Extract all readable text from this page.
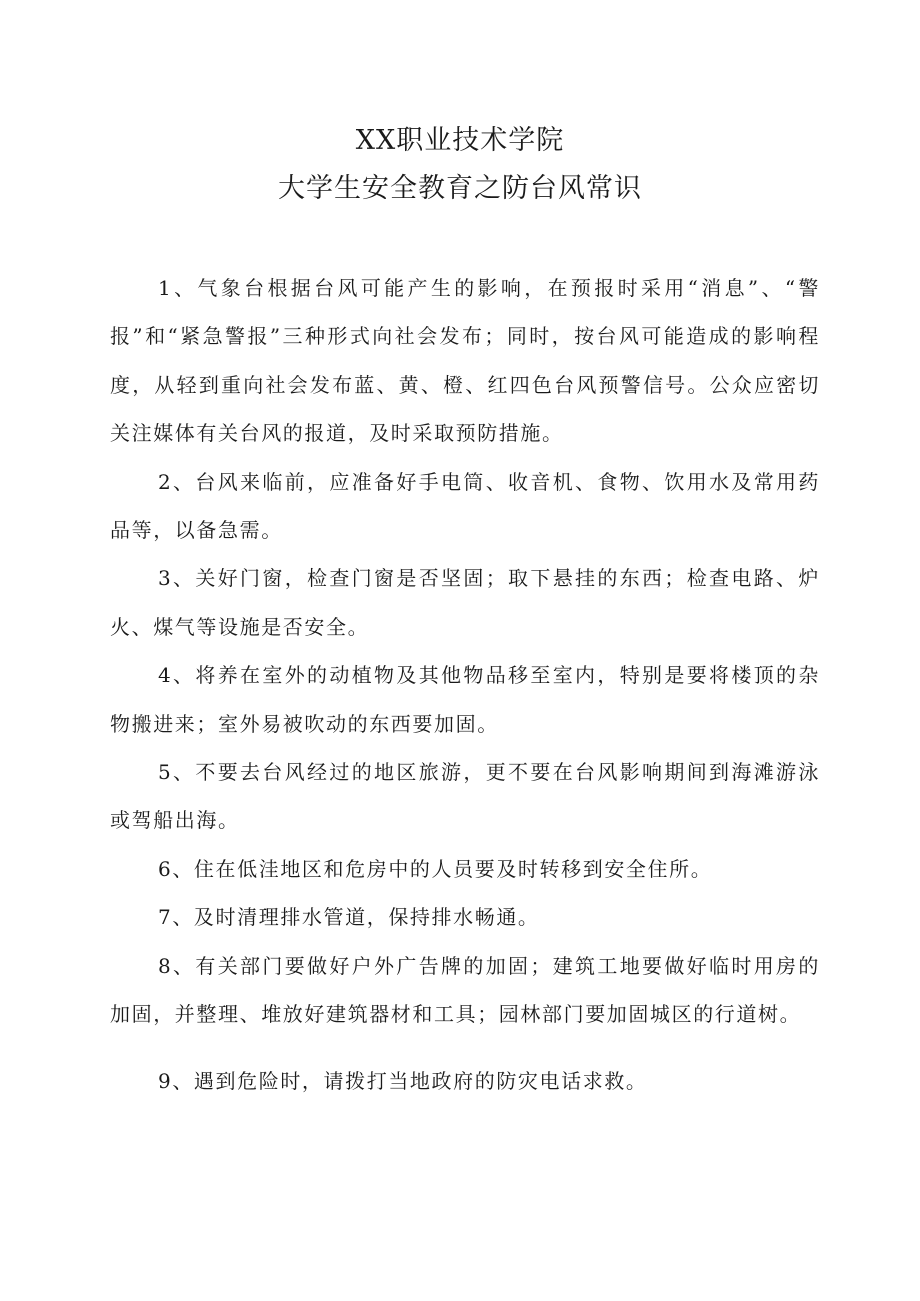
XX职业技术学院
大学生安全教育之防台风常识

1、气象台根据台风可能产生的影响，在预报时采用“消息”、“警报”和“紧急警报”三种形式向社会发布；同时，按台风可能造成的影响程度，从轻到重向社会发布蓝、黄、橙、红四色台风预警信号。公众应密切关注媒体有关台风的报道，及时采取预防措施。

2、台风来临前，应准备好手电筒、收音机、食物、饮用水及常用药品等，以备急需。

3、关好门窗，检查门窗是否坚固；取下悬挂的东西；检查电路、炉火、煤气等设施是否安全。

4、将养在室外的动植物及其他物品移至室内，特别是要将楼顶的杂物搬进来；室外易被吹动的东西要加固。

5、不要去台风经过的地区旅游，更不要在台风影响期间到海滩游泳或驾船出海。

6、住在低洼地区和危房中的人员要及时转移到安全住所。

7、及时清理排水管道，保持排水畅通。

8、有关部门要做好户外广告牌的加固；建筑工地要做好临时用房的加固，并整理、堆放好建筑器材和工具；园林部门要加固城区的行道树。

9、遇到危险时，请拨打当地政府的防灾电话求救。
